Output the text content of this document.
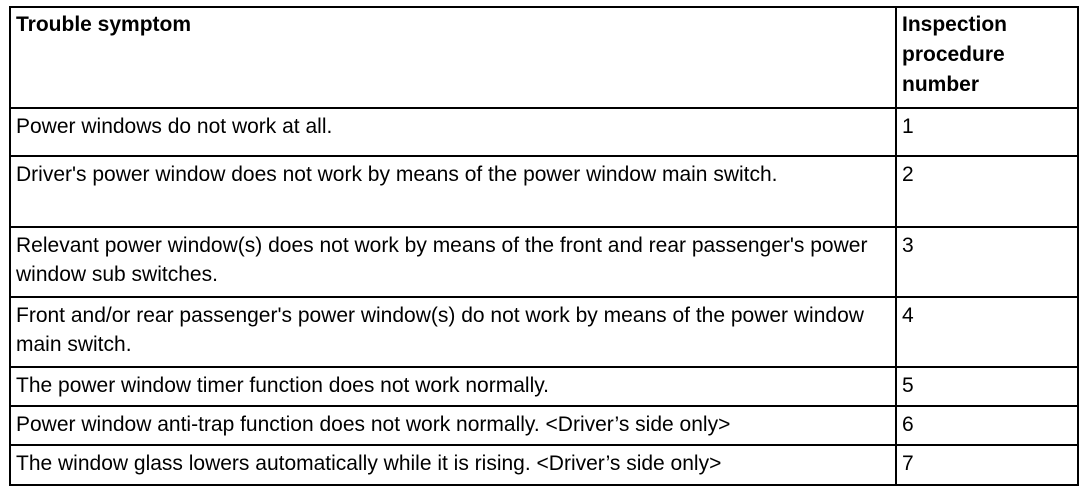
Trouble symptom	Inspection procedure number
Power windows do not work at all.	1
Driver's power window does not work by means of the power window main switch.	2
Relevant power window(s) does not work by means of the front and rear passenger's power window sub switches.	3
Front and/or rear passenger's power window(s) do not work by means of the power window main switch.	4
The power window timer function does not work normally.	5
Power window anti-trap function does not work normally. <Driver’s side only>	6
The window glass lowers automatically while it is rising. <Driver’s side only>	7
